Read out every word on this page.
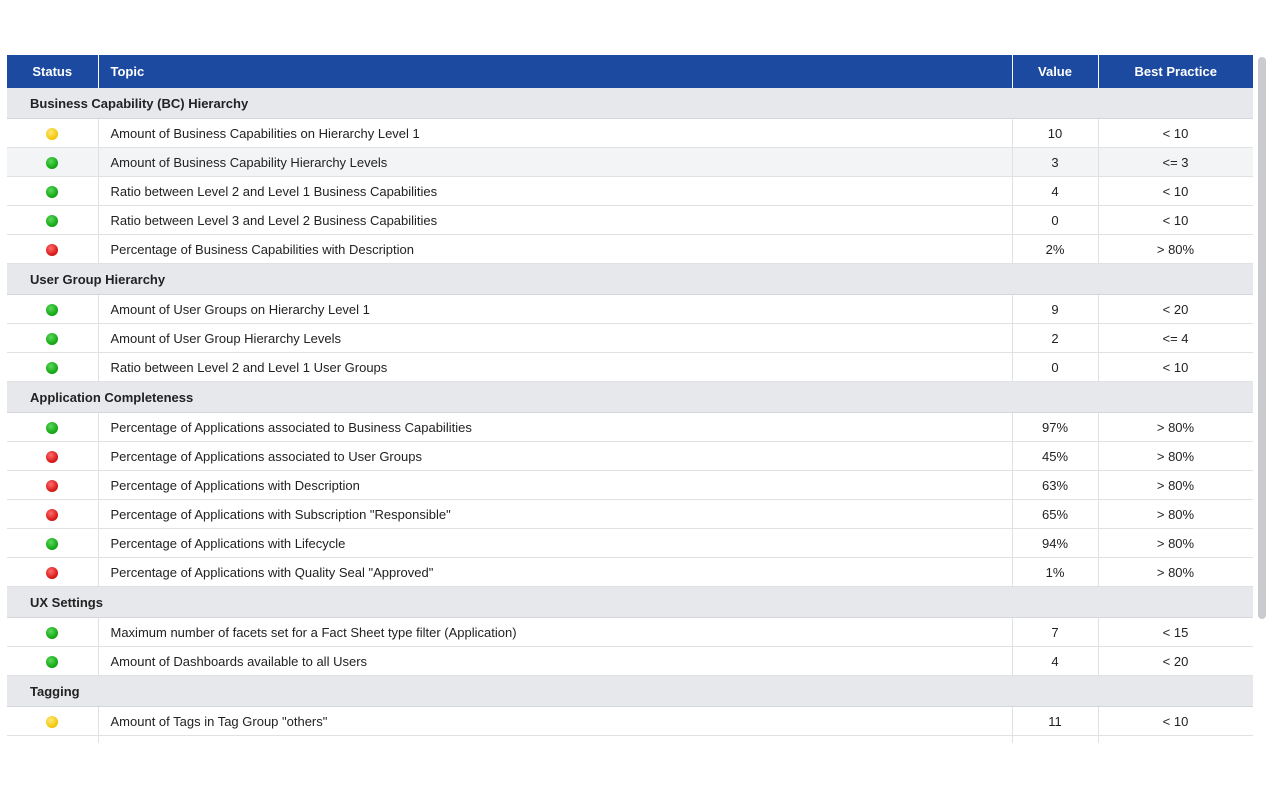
Status	Topic	Value	Best Practice
Business Capability (BC) Hierarchy			
	Amount of Business Capabilities on Hierarchy Level 1	10	< 10
	Amount of Business Capability Hierarchy Levels	3	<= 3
	Ratio between Level 2 and Level 1 Business Capabilities	4	< 10
	Ratio between Level 3 and Level 2 Business Capabilities	0	< 10
	Percentage of Business Capabilities with Description	2%	> 80%
User Group Hierarchy			
	Amount of User Groups on Hierarchy Level 1	9	< 20
	Amount of User Group Hierarchy Levels	2	<= 4
	Ratio between Level 2 and Level 1 User Groups	0	< 10
Application Completeness			
	Percentage of Applications associated to Business Capabilities	97%	> 80%
	Percentage of Applications associated to User Groups	45%	> 80%
	Percentage of Applications with Description	63%	> 80%
	Percentage of Applications with Subscription "Responsible"	65%	> 80%
	Percentage of Applications with Lifecycle	94%	> 80%
	Percentage of Applications with Quality Seal "Approved"	1%	> 80%
UX Settings			
	Maximum number of facets set for a Fact Sheet type filter (Application)	7	< 15
	Amount of Dashboards available to all Users	4	< 20
Tagging			
	Amount of Tags in Tag Group "others"	11	< 10
